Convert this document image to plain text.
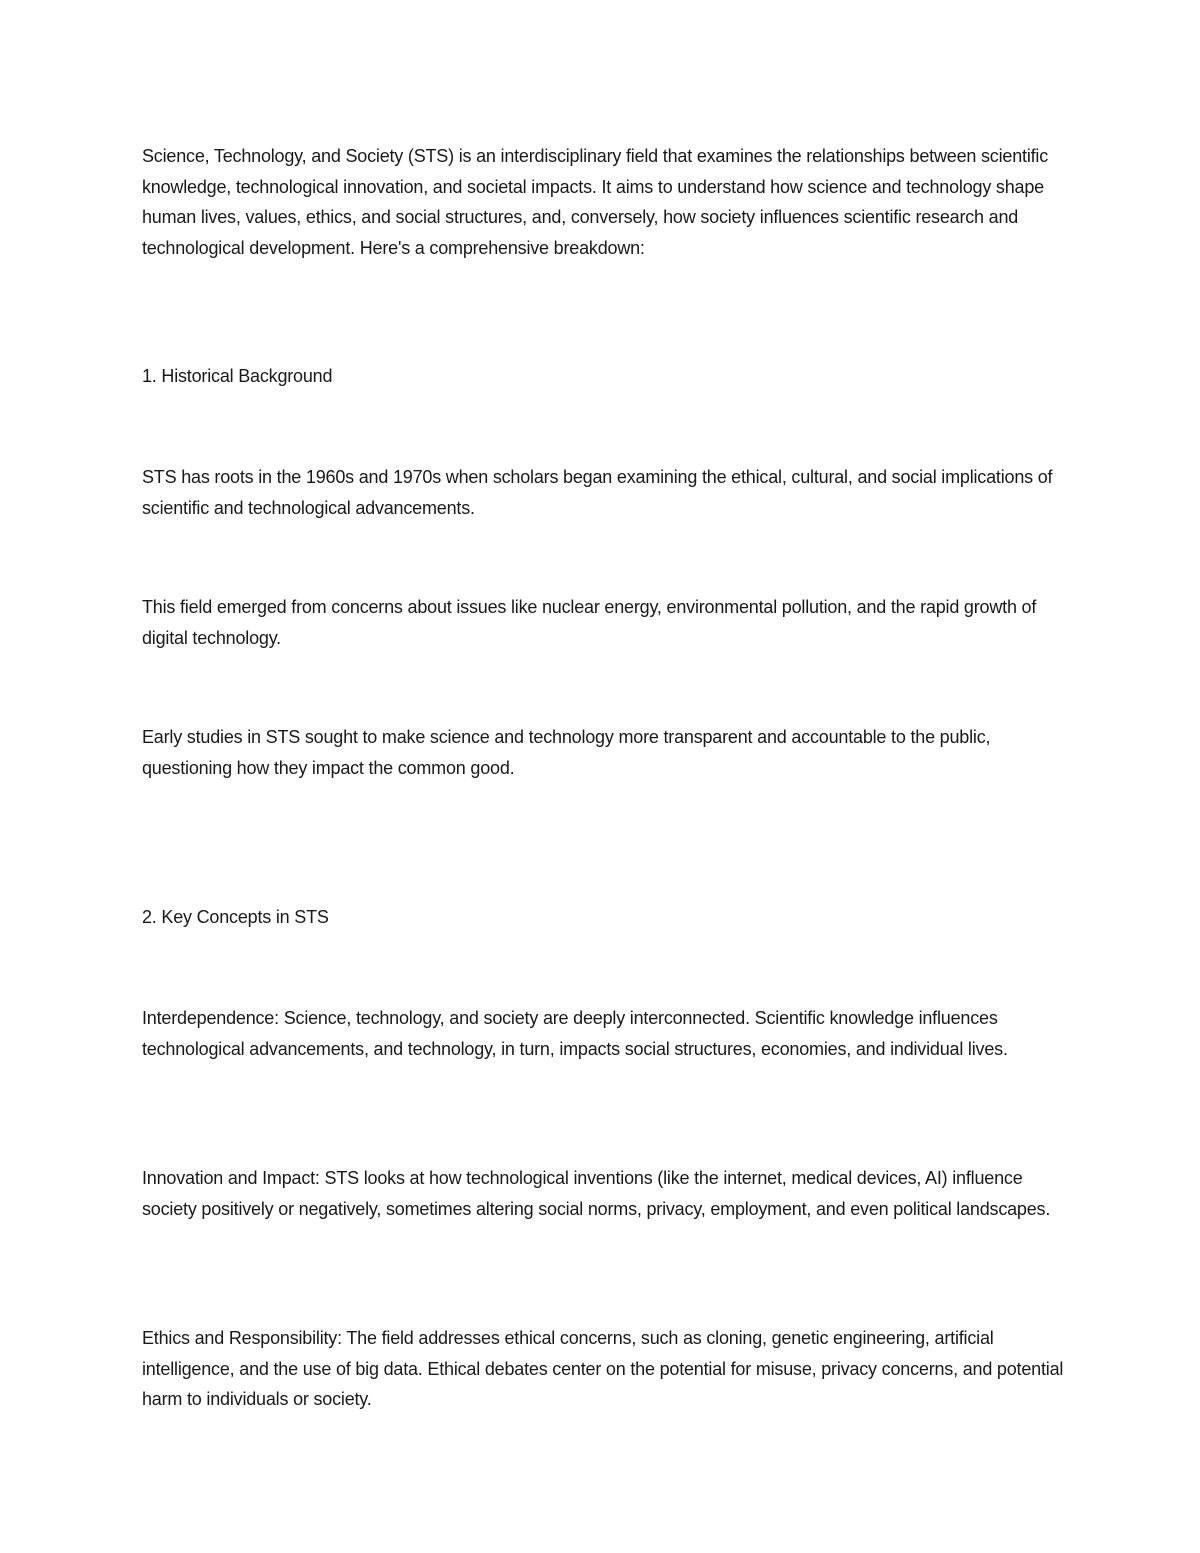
Science, Technology, and Society (STS) is an interdisciplinary field that examines the relationships between scientific knowledge, technological innovation, and societal impacts. It aims to understand how science and technology shape human lives, values, ethics, and social structures, and, conversely, how society influences scientific research and technological development. Here's a comprehensive breakdown:

1. Historical Background

STS has roots in the 1960s and 1970s when scholars began examining the ethical, cultural, and social implications of scientific and technological advancements.

This field emerged from concerns about issues like nuclear energy, environmental pollution, and the rapid growth of digital technology.

Early studies in STS sought to make science and technology more transparent and accountable to the public, questioning how they impact the common good.

2. Key Concepts in STS

Interdependence: Science, technology, and society are deeply interconnected. Scientific knowledge influences technological advancements, and technology, in turn, impacts social structures, economies, and individual lives.

Innovation and Impact: STS looks at how technological inventions (like the internet, medical devices, AI) influence society positively or negatively, sometimes altering social norms, privacy, employment, and even political landscapes.

Ethics and Responsibility: The field addresses ethical concerns, such as cloning, genetic engineering, artificial intelligence, and the use of big data. Ethical debates center on the potential for misuse, privacy concerns, and potential harm to individuals or society.
